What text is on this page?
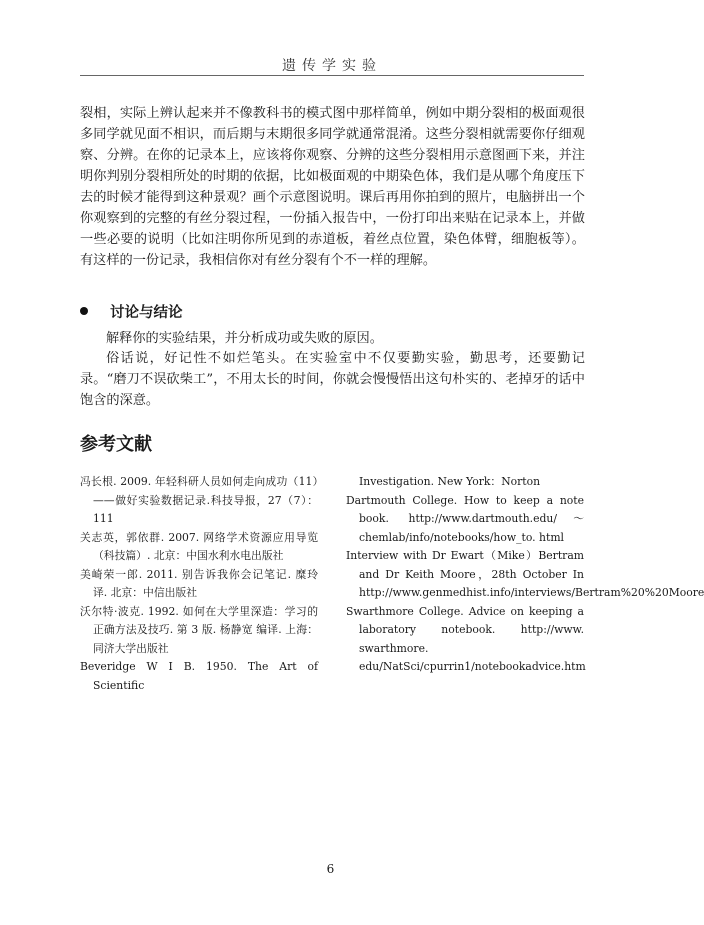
遗传学实验

裂相，实际上辨认起来并不像教科书的模式图中那样简单，例如中期分裂相的极面观很多同学就见面不相识，而后期与末期很多同学就通常混淆。这些分裂相就需要你仔细观察、分辨。在你的记录本上，应该将你观察、分辨的这些分裂相用示意图画下来，并注明你判别分裂相所处的时期的依据，比如极面观的中期染色体，我们是从哪个角度压下去的时候才能得到这种景观？画个示意图说明。课后再用你拍到的照片，电脑拼出一个你观察到的完整的有丝分裂过程，一份插入报告中，一份打印出来贴在记录本上，并做一些必要的说明（比如注明你所见到的赤道板，着丝点位置，染色体臂，细胞板等）。有这样的一份记录，我相信你对有丝分裂有个不一样的理解。

讨论与结论

解释你的实验结果，并分析成功或失败的原因。

俗话说，好记性不如烂笔头。在实验室中不仅要勤实验，勤思考，还要勤记录。“磨刀不误砍柴工”，不用太长的时间，你就会慢慢悟出这句朴实的、老掉牙的话中饱含的深意。

参考文献

冯长根. 2009. 年轻科研人员如何走向成功（11）——做好实验数据记录.科技导报，27（7）：111

关志英，郭依群. 2007. 网络学术资源应用导览（科技篇）. 北京：中国水利水电出版社

美崎荣一郎. 2011. 别告诉我你会记笔记. 糜玲 译. 北京：中信出版社

沃尔特·波克. 1992. 如何在大学里深造：学习的正确方法及技巧. 第 3 版. 杨静宽 编译. 上海：同济大学出版社

Beveridge W I B. 1950. The Art of Scientific

Investigation. New York：Norton

Dartmouth College. How to keep a note book. http://www.dartmouth.edu/～chemlab/info/notebooks/how_to. html

Interview with Dr Ewart（Mike）Bertram and Dr Keith Moore，28th October In http://www.genmedhist.info/interviews/Bertram%20%20Moore

Swarthmore College. Advice on keeping a laboratory notebook. http://www. swarthmore. edu/NatSci/cpurrin1/notebookadvice.htm

6
